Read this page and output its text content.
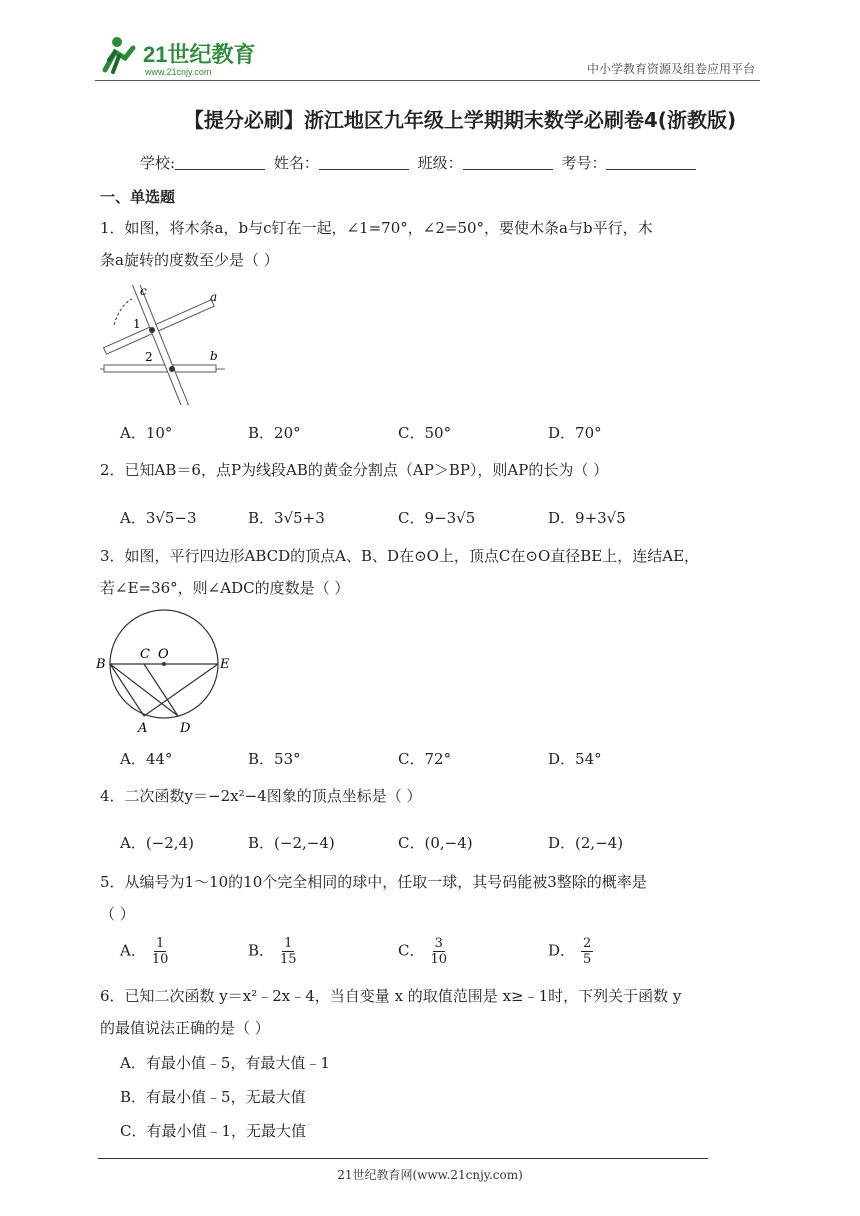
21世纪教育
www.21cnjy.com	中小学教育资源及组卷应用平台
【提分必刷】浙江地区九年级上学期期末数学必刷卷4(浙教版)
学校:	姓名：	班级：	考号：
一、单选题
1．如图，将木条a，b与c钉在一起，∠1=70°，∠2=50°，要使木条a与b平行，木
条a旋转的度数至少是（ ）
c	a
1
2	b
A．10°	B．20°	C．50°	D．70°
2．已知AB＝6，点P为线段AB的黄金分割点（AP＞BP），则AP的长为（ ）
A．3√5−3	B．3√5+3	C．9−3√5	D．9+3√5
3．如图，平行四边形ABCD的顶点A、B、D在⊙O上，顶点C在⊙O直径BE上，连结AE，
若∠E=36°，则∠ADC的度数是（ ）
B
C O
E
A	D
A．44°	B．53°	C．72°	D．54°
4．二次函数y＝−2x²−4图象的顶点坐标是（ ）
A．(−2,4)	B．(−2,−4)	C．(0,−4)	D．(2,−4)
5．从编号为1～10的10个完全相同的球中，任取一球，其号码能被3整除的概率是
（ ）
A． $\frac{1}{10}$	B． $\frac{1}{15}$	C． $\frac{3}{10}$	D． $\frac{2}{5}$
6．已知二次函数 y＝x²﹣2x﹣4，当自变量 x 的取值范围是 x≥﹣1时，下列关于函数 y
的最值说法正确的是（ ）
A．有最小值﹣5，有最大值﹣1
B．有最小值﹣5，无最大值
C．有最小值﹣1，无最大值
21世纪教育网(www.21cnjy.com)
